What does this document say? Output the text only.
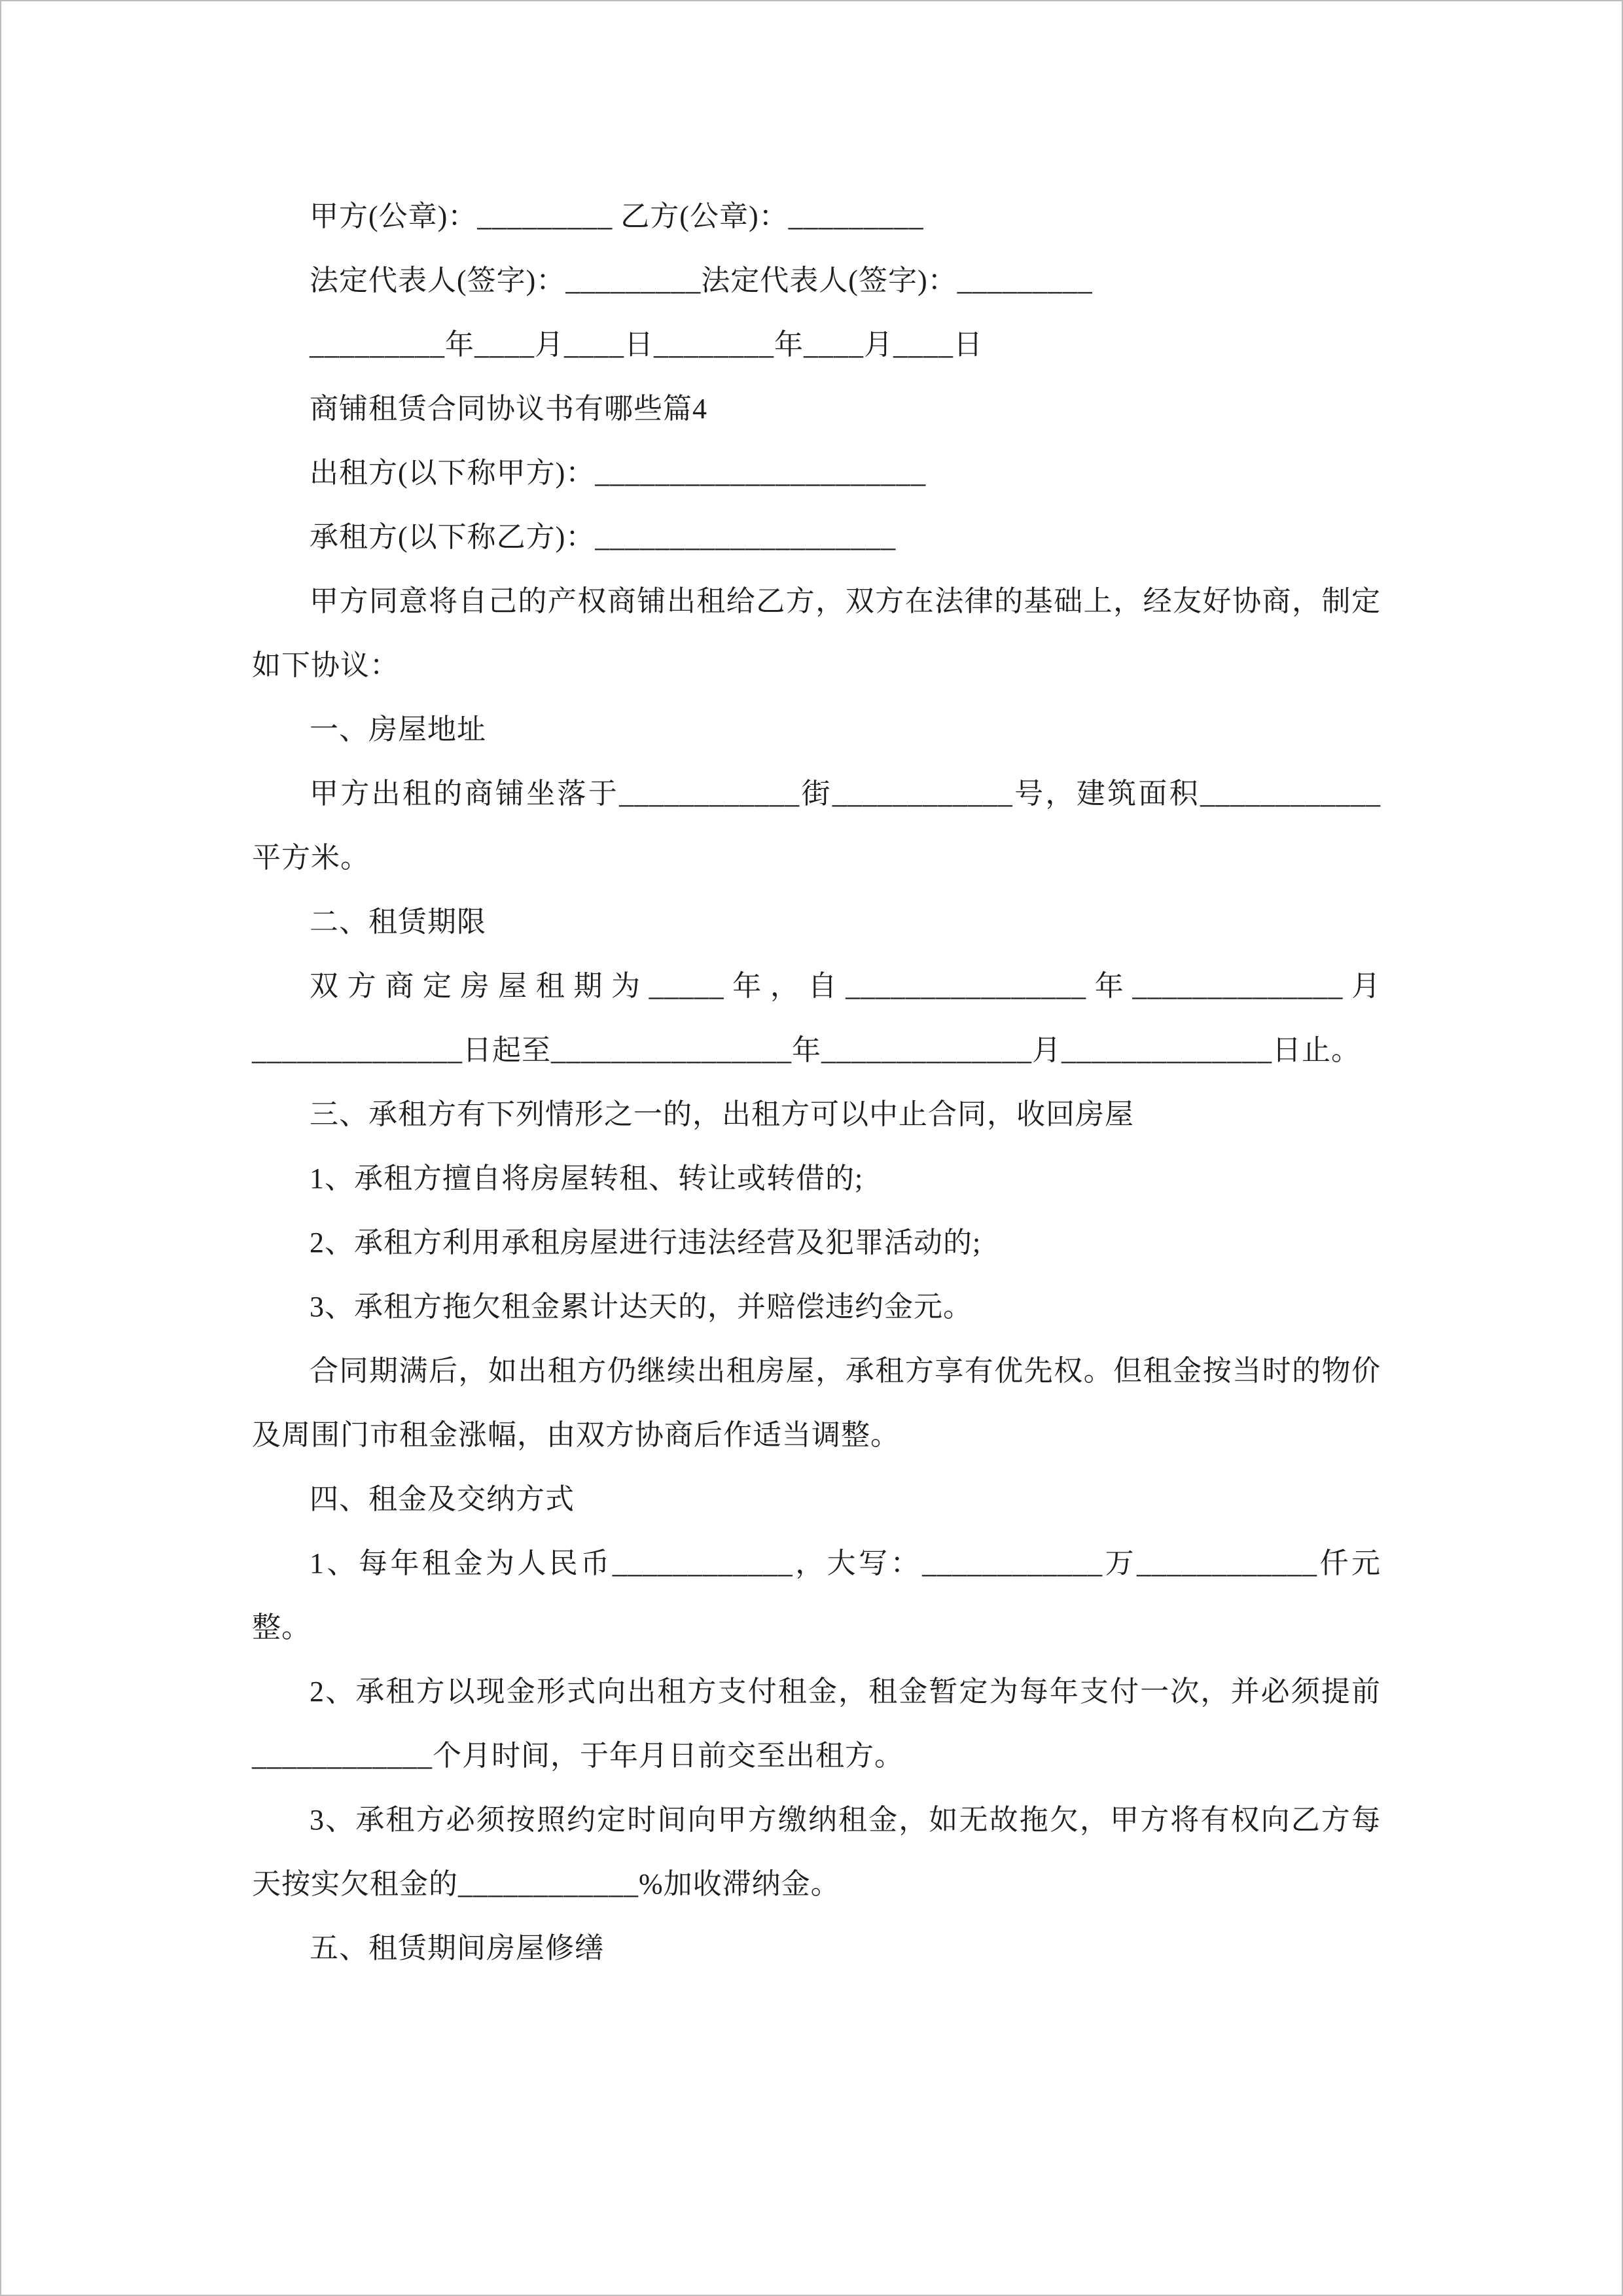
甲方(公章)：_________ 乙方(公章)：_________

法定代表人(签字)：_________法定代表人(签字)：_________

_________年____月____日________年____月____日

商铺租赁合同协议书有哪些篇4

出租方(以下称甲方)：______________________

承租方(以下称乙方)：____________________

甲方同意将自己的产权商铺出租给乙方，双方在法律的基础上，经友好协商，制定如下协议：

一、房屋地址

甲方出租的商铺坐落于____________街____________号，建筑面积____________平方米。

二、租赁期限

双方商定房屋租期为_____年，自________________年______________月______________日起至________________年______________月______________日止。

三、承租方有下列情形之一的，出租方可以中止合同，收回房屋

1、承租方擅自将房屋转租、转让或转借的;

2、承租方利用承租房屋进行违法经营及犯罪活动的;

3、承租方拖欠租金累计达天的，并赔偿违约金元。

合同期满后，如出租方仍继续出租房屋，承租方享有优先权。但租金按当时的物价及周围门市租金涨幅，由双方协商后作适当调整。

四、租金及交纳方式

1、每年租金为人民币____________，大写：____________万____________仟元整。

2、承租方以现金形式向出租方支付租金，租金暂定为每年支付一次，并必须提前____________个月时间，于年月日前交至出租方。

3、承租方必须按照约定时间向甲方缴纳租金，如无故拖欠，甲方将有权向乙方每天按实欠租金的____________%加收滞纳金。

五、租赁期间房屋修缮
